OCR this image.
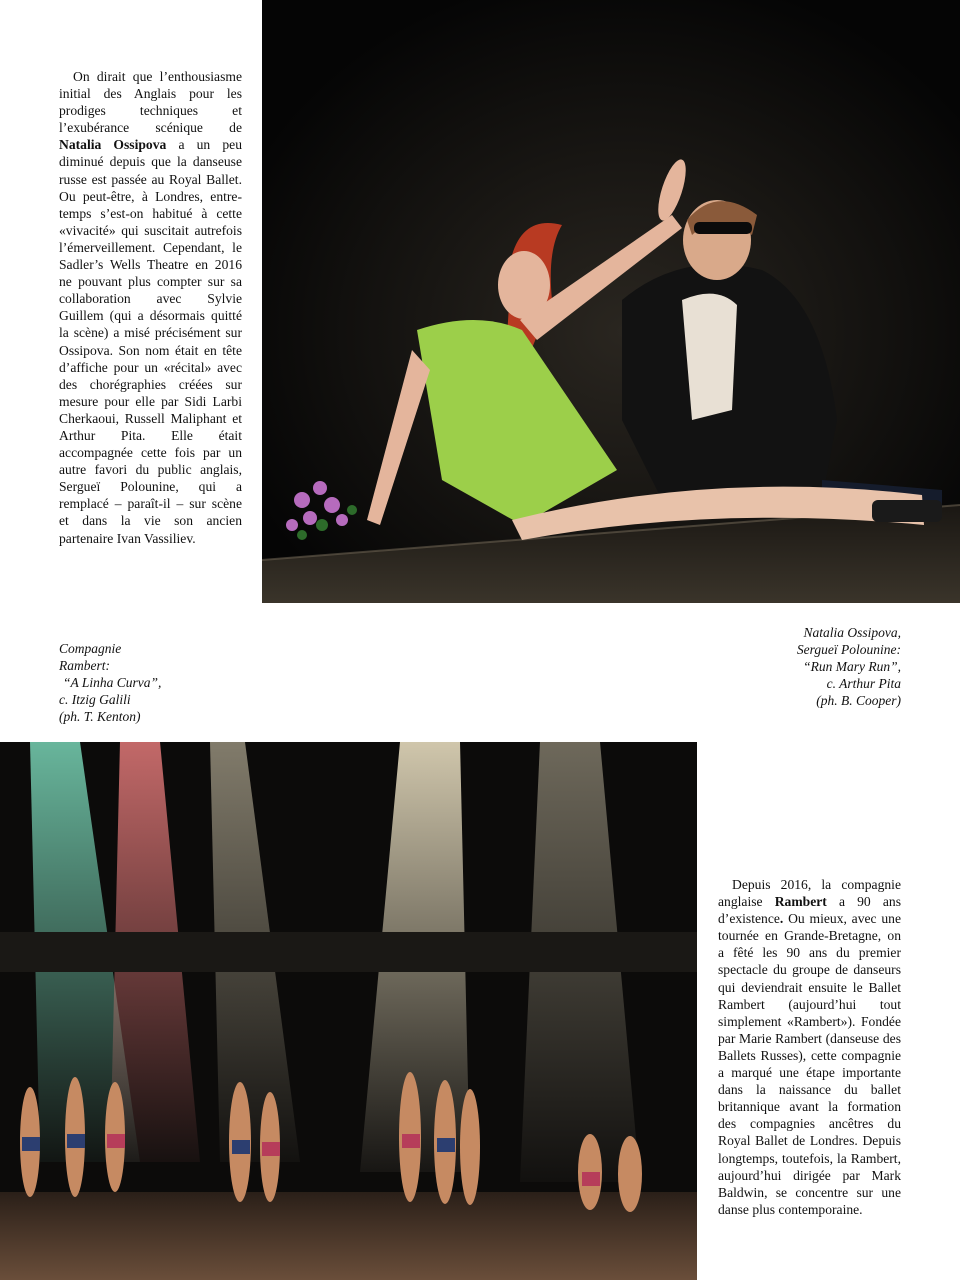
On dirait que l’enthousiasme initial des Anglais pour les prodiges techniques et l’exubérance scénique de Natalia Ossipova a un peu diminué depuis que la danseuse russe est passée au Royal Ballet. Ou peut-être, à Londres, entre-temps s’est-on habitué à cette «vivacité» qui suscitait autrefois l’émerveillement. Cependant, le Sadler’s Wells Theatre en 2016 ne pouvant plus compter sur sa collaboration avec Sylvie Guillem (qui a désormais quitté la scène) a misé précisément sur Ossipova. Son nom était en tête d’affiche pour un «récital» avec des chorégraphies créées sur mesure pour elle par Sidi Larbi Cherkaoui, Russell Maliphant et Arthur Pita. Elle était accompagnée cette fois par un autre favori du public anglais, Sergueï Polounine, qui a remplacé – paraît-il – sur scène et dans la vie son ancien partenaire Ivan Vassiliev.

Natalia Ossipova,
Sergueï Polounine:
“Run Mary Run”,
c. Arthur Pita
(ph. B. Cooper)
Compagnie
Rambert:
“A Linha Curva”,
c. Itzig Galili
(ph. T. Kenton)

Depuis 2016, la compagnie anglaise Rambert a 90 ans d’existence. Ou mieux, avec une tournée en Grande-Bretagne, on a fêté les 90 ans du premier spectacle du groupe de danseurs qui deviendrait ensuite le Ballet Rambert (aujourd’hui tout simplement «Rambert»). Fondée par Marie Rambert (danseuse des Ballets Russes), cette compagnie a marqué une étape importante dans la naissance du ballet britannique avant la formation des compagnies ancêtres du Royal Ballet de Londres. Depuis longtemps, toutefois, la Rambert, aujourd’hui dirigée par Mark Baldwin, se concentre sur une danse plus contemporaine.
